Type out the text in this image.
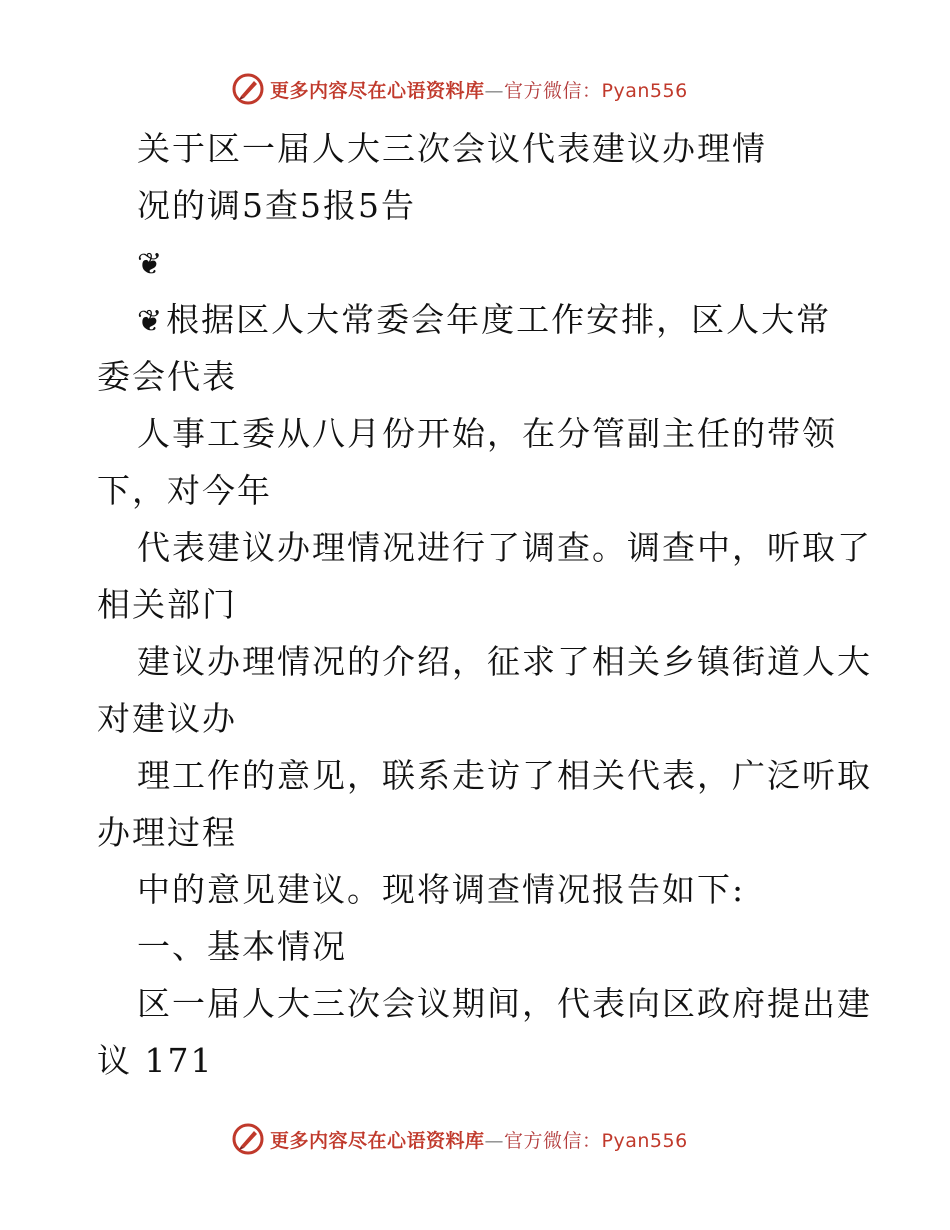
更多内容尽在心语资料库—官方微信：Pyan556
关于区一届人大三次会议代表建议办理情
况的调5查5报5告
❦
❦根据区人大常委会年度工作安排，区人大常
委会代表
人事工委从八月份开始，在分管副主任的带领
下，对今年
代表建议办理情况进行了调查。调查中，听取了
相关部门
建议办理情况的介绍，征求了相关乡镇街道人大
对建议办
理工作的意见，联系走访了相关代表，广泛听取
办理过程
中的意见建议。现将调查情况报告如下:
一、基本情况
区一届人大三次会议期间，代表向区政府提出建
议 171
更多内容尽在心语资料库—官方微信：Pyan556
